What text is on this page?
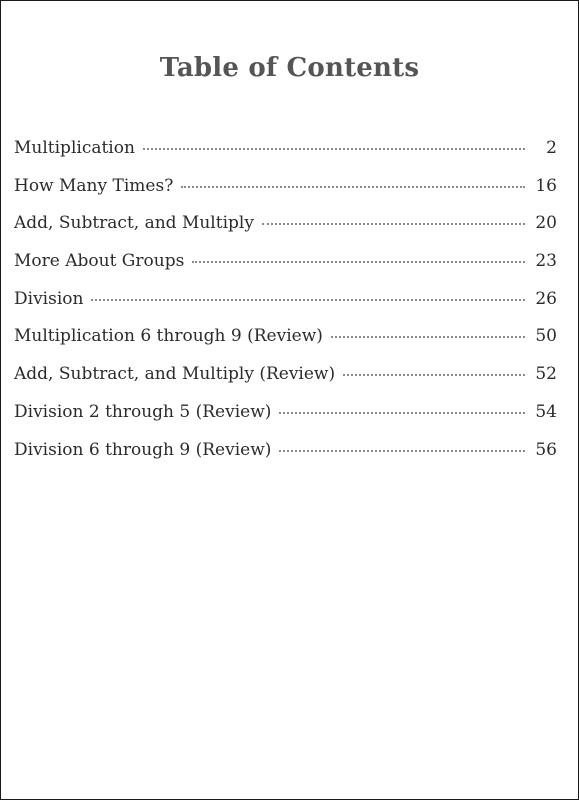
Table of Contents
Multiplication	2
How Many Times?	16
Add, Subtract, and Multiply	20
More About Groups	23
Division	26
Multiplication 6 through 9 (Review)	50
Add, Subtract, and Multiply (Review)	52
Division 2 through 5 (Review)	54
Division 6 through 9 (Review)	56
